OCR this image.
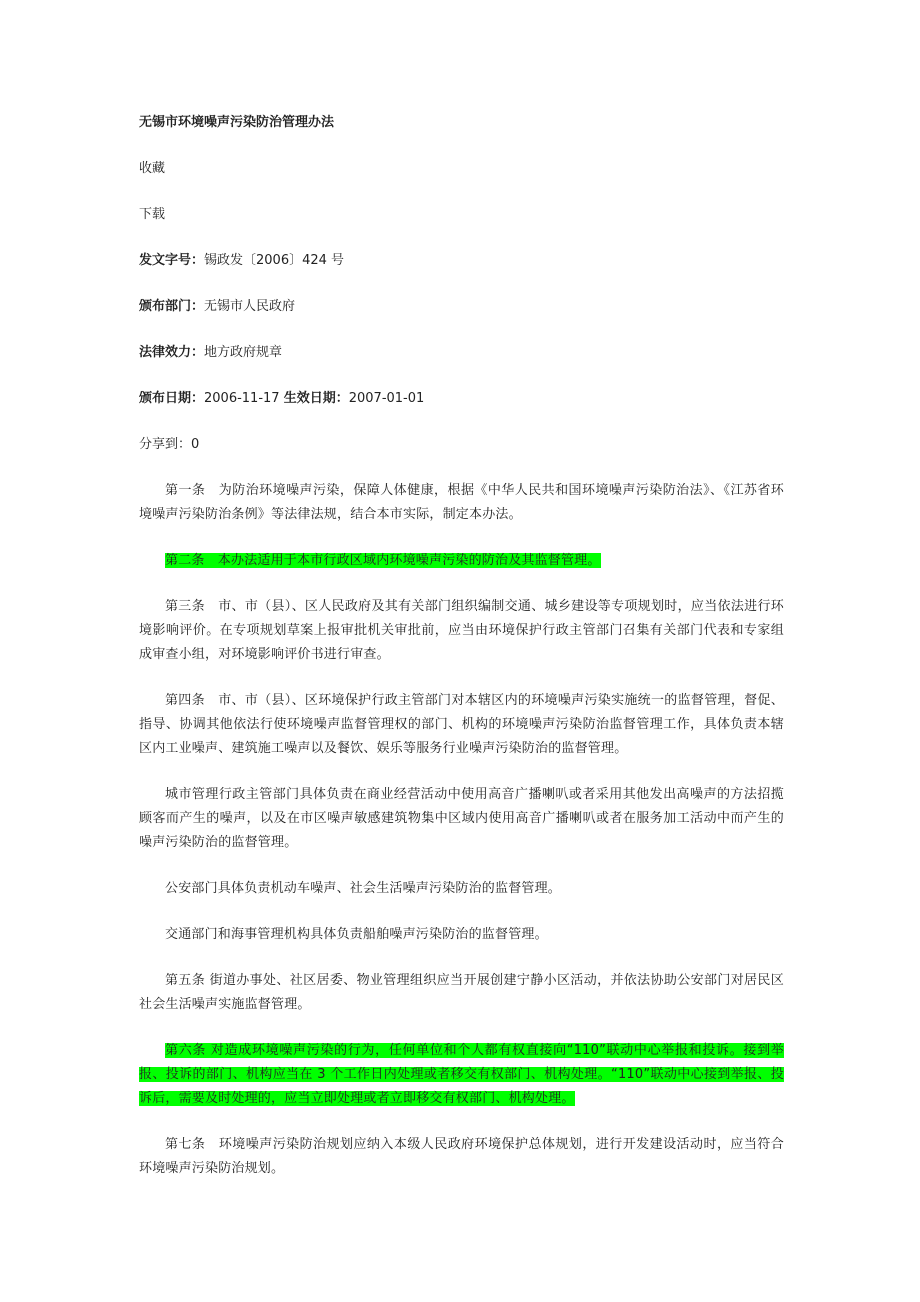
无锡市环境噪声污染防治管理办法
收藏
下载
发文字号：锡政发〔2006〕424 号
颁布部门：无锡市人民政府
法律效力：地方政府规章
颁布日期：2006-11-17 生效日期：2007-01-01
分享到：0

第一条　为防治环境噪声污染，保障人体健康，根据《中华人民共和国环境噪声污染防治法》、《江苏省环境噪声污染防治条例》等法律法规，结合本市实际，制定本办法。

第二条　本办法适用于本市行政区域内环境噪声污染的防治及其监督管理。

第三条　市、市（县）、区人民政府及其有关部门组织编制交通、城乡建设等专项规划时，应当依法进行环境影响评价。在专项规划草案上报审批机关审批前，应当由环境保护行政主管部门召集有关部门代表和专家组成审查小组，对环境影响评价书进行审查。

第四条　市、市（县）、区环境保护行政主管部门对本辖区内的环境噪声污染实施统一的监督管理，督促、指导、协调其他依法行使环境噪声监督管理权的部门、机构的环境噪声污染防治监督管理工作，具体负责本辖区内工业噪声、建筑施工噪声以及餐饮、娱乐等服务行业噪声污染防治的监督管理。

城市管理行政主管部门具体负责在商业经营活动中使用高音广播喇叭或者采用其他发出高噪声的方法招揽顾客而产生的噪声，以及在市区噪声敏感建筑物集中区域内使用高音广播喇叭或者在服务加工活动中而产生的噪声污染防治的监督管理。

公安部门具体负责机动车噪声、社会生活噪声污染防治的监督管理。

交通部门和海事管理机构具体负责船舶噪声污染防治的监督管理。

第五条 街道办事处、社区居委、物业管理组织应当开展创建宁静小区活动，并依法协助公安部门对居民区社会生活噪声实施监督管理。

第六条 对造成环境噪声污染的行为，任何单位和个人都有权直接向“110”联动中心举报和投诉。接到举报、投诉的部门、机构应当在 3 个工作日内处理或者移交有权部门、机构处理。“110”联动中心接到举报、投诉后，需要及时处理的，应当立即处理或者立即移交有权部门、机构处理。

第七条　环境噪声污染防治规划应纳入本级人民政府环境保护总体规划，进行开发建设活动时，应当符合环境噪声污染防治规划。
